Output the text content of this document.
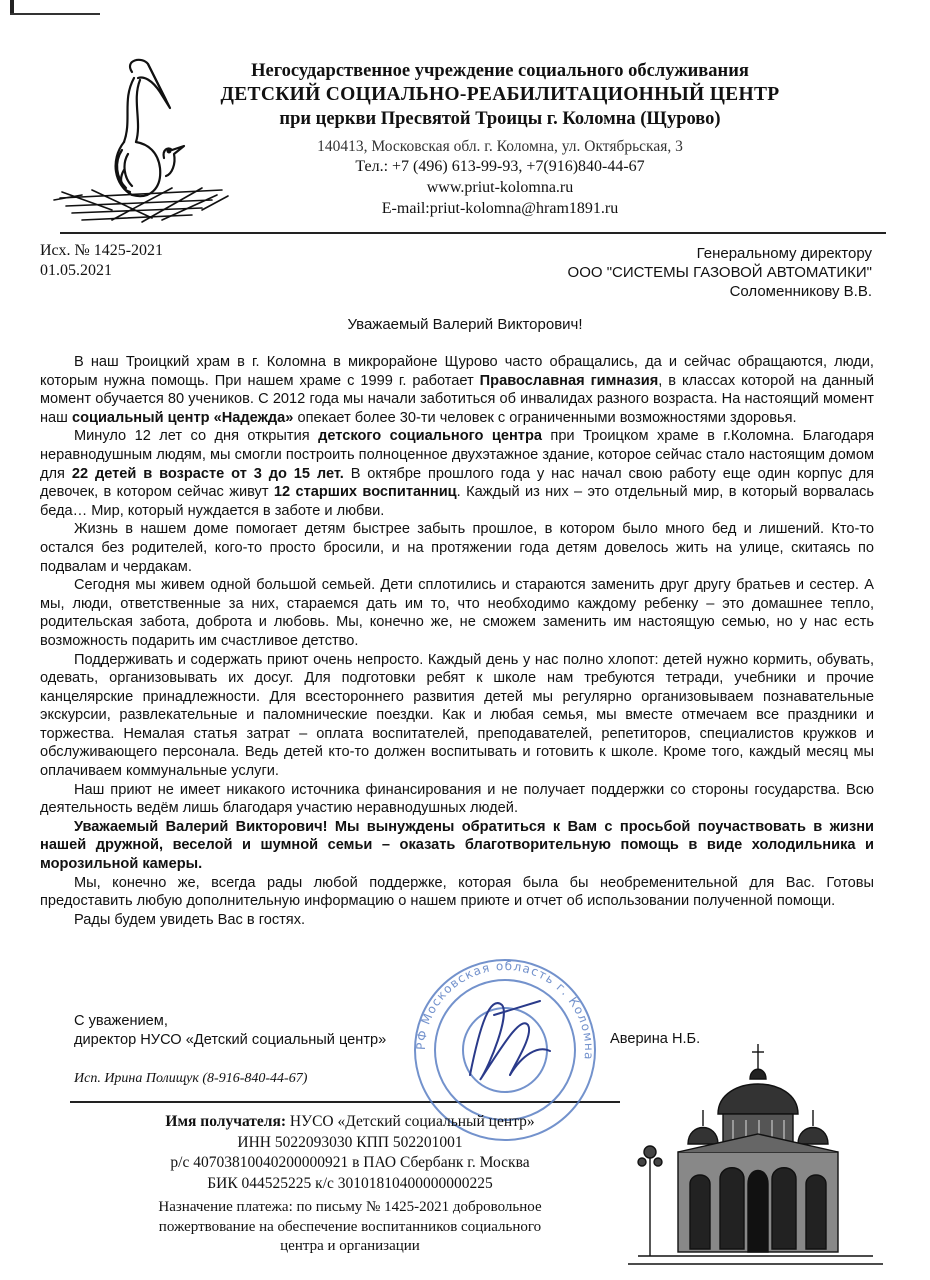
Негосударственное учреждение социального обслуживания
ДЕТСКИЙ СОЦИАЛЬНО-РЕАБИЛИТАЦИОННЫЙ ЦЕНТР
при церкви Пресвятой Троицы г. Коломна (Щурово)
140413, Московская обл. г. Коломна, ул. Октябрьская, 3
Тел.: +7 (496) 613-99-93, +7(916)840-44-67
www.priut-kolomna.ru
E-mail:priut-kolomna@hram1891.ru
Исх. № 1425-2021
01.05.2021
Генеральному директору
ООО "СИСТЕМЫ ГАЗОВОЙ АВТОМАТИКИ"
Соломенникову В.В.
Уважаемый Валерий Викторович!

В наш Троицкий храм в г. Коломна в микрорайоне Щурово часто обращались, да и сейчас обращаются, люди, которым нужна помощь. При нашем храме с 1999 г. работает Православная гимназия, в классах которой на данный момент обучается 80 учеников. С 2012 года мы начали заботиться об инвалидах разного возраста. На настоящий момент наш социальный центр «Надежда» опекает более 30-ти человек с ограниченными возможностями здоровья.

Минуло 12 лет со дня открытия детского социального центра при Троицком храме в г.Коломна. Благодаря неравнодушным людям, мы смогли построить полноценное двухэтажное здание, которое сейчас стало настоящим домом для 22 детей в возрасте от 3 до 15 лет. В октябре прошлого года у нас начал свою работу еще один корпус для девочек, в котором сейчас живут 12 старших воспитанниц. Каждый из них – это отдельный мир, в который ворвалась беда… Мир, который нуждается в заботе и любви.

Жизнь в нашем доме помогает детям быстрее забыть прошлое, в котором было много бед и лишений. Кто-то остался без родителей, кого-то просто бросили, и на протяжении года детям довелось жить на улице, скитаясь по подвалам и чердакам.

Сегодня мы живем одной большой семьей. Дети сплотились и стараются заменить друг другу братьев и сестер. А мы, люди, ответственные за них, стараемся дать им то, что необходимо каждому ребенку – это домашнее тепло, родительская забота, доброта и любовь. Мы, конечно же, не сможем заменить им настоящую семью, но у нас есть возможность подарить им счастливое детство.

Поддерживать и содержать приют очень непросто. Каждый день у нас полно хлопот: детей нужно кормить, обувать, одевать, организовывать их досуг. Для подготовки ребят к школе нам требуются тетради, учебники и прочие канцелярские принадлежности. Для всестороннего развития детей мы регулярно организовываем познавательные экскурсии, развлекательные и паломнические поездки. Как и любая семья, мы вместе отмечаем все праздники и торжества. Немалая статья затрат – оплата воспитателей, преподавателей, репетиторов, специалистов кружков и обслуживающего персонала. Ведь детей кто-то должен воспитывать и готовить к школе. Кроме того, каждый месяц мы оплачиваем коммунальные услуги.

Наш приют не имеет никакого источника финансирования и не получает поддержки со стороны государства. Всю деятельность ведём лишь благодаря участию неравнодушных людей.

Уважаемый Валерий Викторович! Мы вынуждены обратиться к Вам с просьбой поучаствовать в жизни нашей дружной, веселой и шумной семьи – оказать благотворительную помощь в виде холодильника и морозильной камеры.

Мы, конечно же, всегда рады любой поддержке, которая была бы необременительной для Вас. Готовы предоставить любую дополнительную информацию о нашем приюте и отчет об использовании полученной помощи.

Рады будем увидеть Вас в гостях.

С уважением,
директор НУСО «Детский социальный центр»	Аверина Н.Б.
Исп. Ирина Полищук (8-916-840-44-67)
РФ Московская область г. Коломна
Имя получателя: НУСО «Детский социальный центр»
ИНН 5022093030 КПП 502201001
р/с 40703810040200000921 в ПАО Сбербанк г. Москва
БИК 044525225 к/с 30101810400000000225
Назначение платежа: по письму № 1425-2021 добровольное
пожертвование на обеспечение воспитанников социального
центра и организации
